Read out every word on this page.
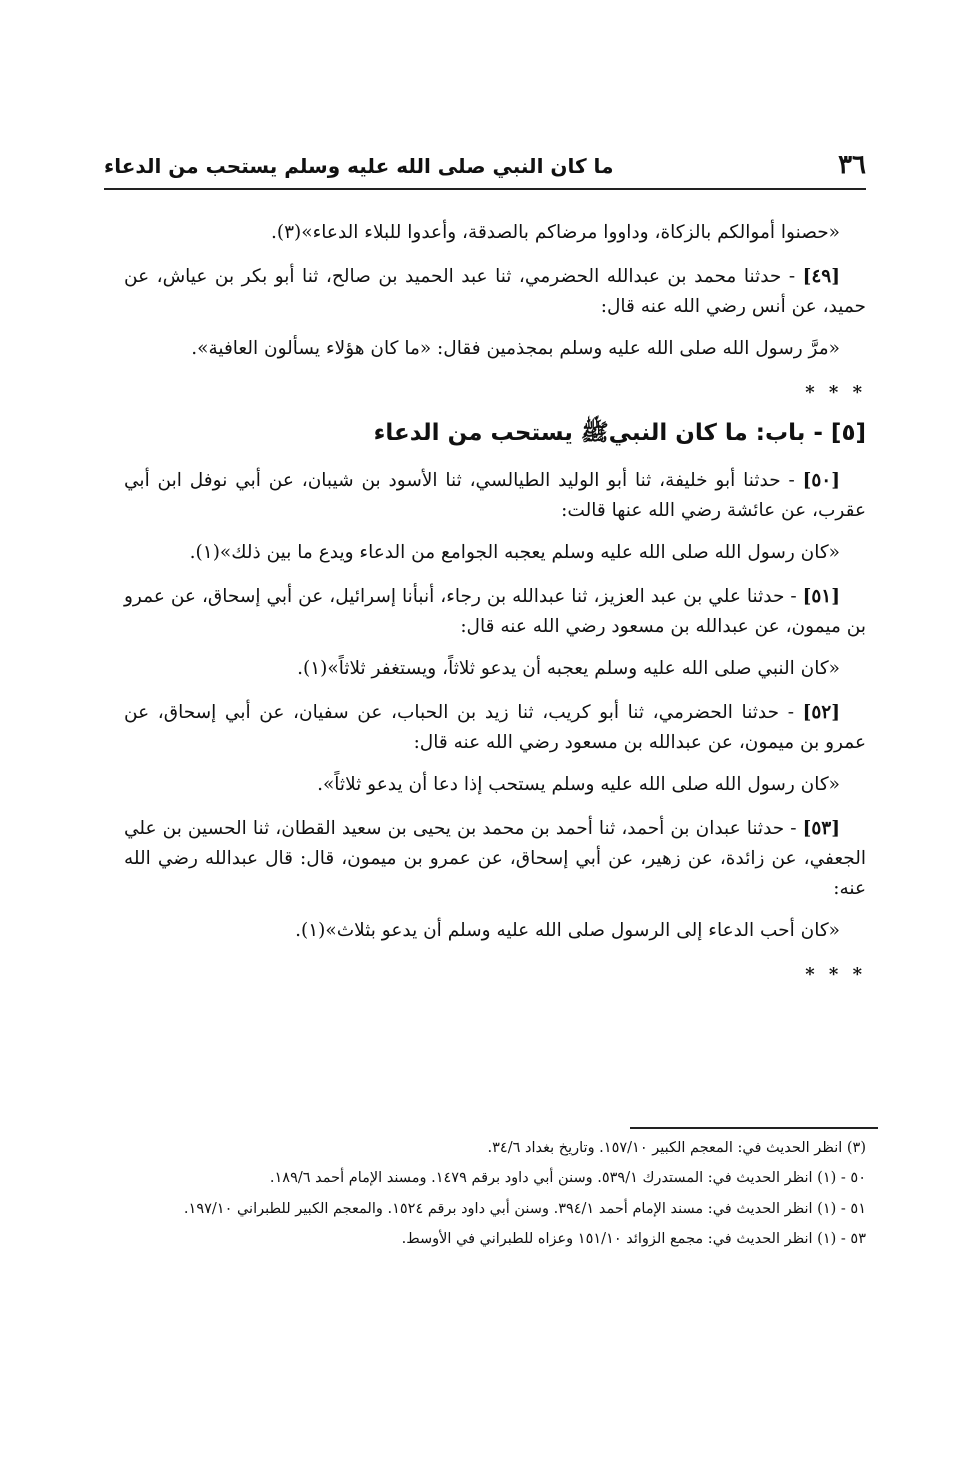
٣٦
ما كان النبي صلى الله عليه وسلم يستحب من الدعاء

«حصنوا أموالكم بالزكاة، وداووا مرضاكم بالصدقة، وأعدوا للبلاء الدعاء»(٣).

[٤٩] - حدثنا محمد بن عبدالله الحضرمي، ثنا عبد الحميد بن صالح، ثنا أبو بكر بن عياش، عن حميد، عن أنس رضي الله عنه قال:

«مرَّ رسول الله صلى الله عليه وسلم بمجذمين فقال: «ما كان هؤلاء يسألون العافية».

* * *
[٥] - باب: ما كان النبيﷺ يستحب من الدعاء

[٥٠] - حدثنا أبو خليفة، ثنا أبو الوليد الطيالسي، ثنا الأسود بن شيبان، عن أبي نوفل ابن أبي عقرب، عن عائشة رضي الله عنها قالت:

«كان رسول الله صلى الله عليه وسلم يعجبه الجوامع من الدعاء ويدع ما بين ذلك»(١).

[٥١] - حدثنا علي بن عبد العزيز، ثنا عبدالله بن رجاء، أنبأنا إسرائيل، عن أبي إسحاق، عن عمرو بن ميمون، عن عبدالله بن مسعود رضي الله عنه قال:

«كان النبي صلى الله عليه وسلم يعجبه أن يدعو ثلاثاً، ويستغفر ثلاثاً»(١).

[٥٢] - حدثنا الحضرمي، ثنا أبو كريب، ثنا زيد بن الحباب، عن سفيان، عن أبي إسحاق، عن عمرو بن ميمون، عن عبدالله بن مسعود رضي الله عنه قال:

«كان رسول الله صلى الله عليه وسلم يستحب إذا دعا أن يدعو ثلاثاً».

[٥٣] - حدثنا عبدان بن أحمد، ثنا أحمد بن محمد بن يحيى بن سعيد القطان، ثنا الحسين بن علي الجعفي، عن زائدة، عن زهير، عن أبي إسحاق، عن عمرو بن ميمون، قال: قال عبدالله رضي الله عنه:

«كان أحب الدعاء إلى الرسول صلى الله عليه وسلم أن يدعو بثلاث»(١).

* * *

(٣) انظر الحديث في: المعجم الكبير ١٥٧/١٠. وتاريخ بغداد ٣٤/٦.

٥٠ - (١) انظر الحديث في: المستدرك ٥٣٩/١. وسنن أبي داود برقم ١٤٧٩. ومسند الإمام أحمد ١٨٩/٦.

٥١ - (١) انظر الحديث في: مسند الإمام أحمد ٣٩٤/١. وسنن أبي داود برقم ١٥٢٤. والمعجم الكبير للطبراني ١٩٧/١٠.

٥٣ - (١) انظر الحديث في: مجمع الزوائد ١٥١/١٠ وعزاه للطبراني في الأوسط.
